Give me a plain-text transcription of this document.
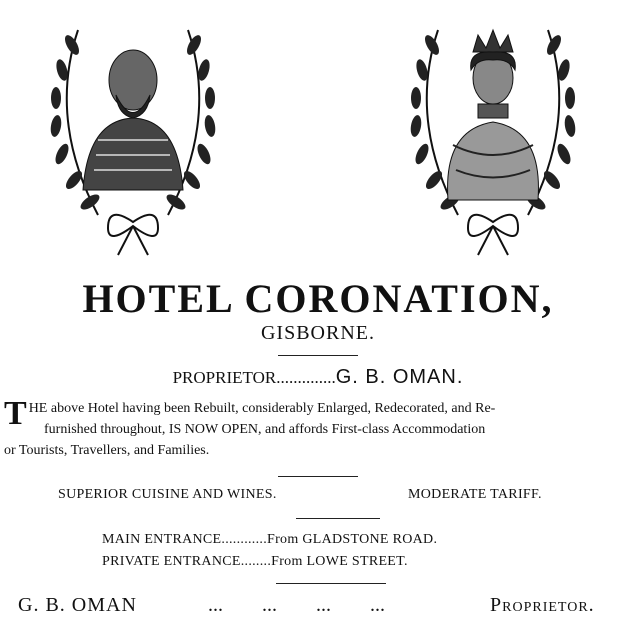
HOTEL CORONATION,
GISBORNE.
PROPRIETOR..............G. B. OMAN.
T HE above Hotel having been Rebuilt, considerably Enlarged, Redecorated, and Re-
furnished throughout, IS NOW OPEN, and affords First-class Accommodation
or Tourists, Travellers, and Families.
SUPERIOR CUISINE AND WINES.	MODERATE TARIFF.
MAIN ENTRANCE............From GLADSTONE ROAD.
PRIVATE ENTRANCE........From LOWE STREET.
G. B. OMAN	... ... ... ...	Proprietor.
